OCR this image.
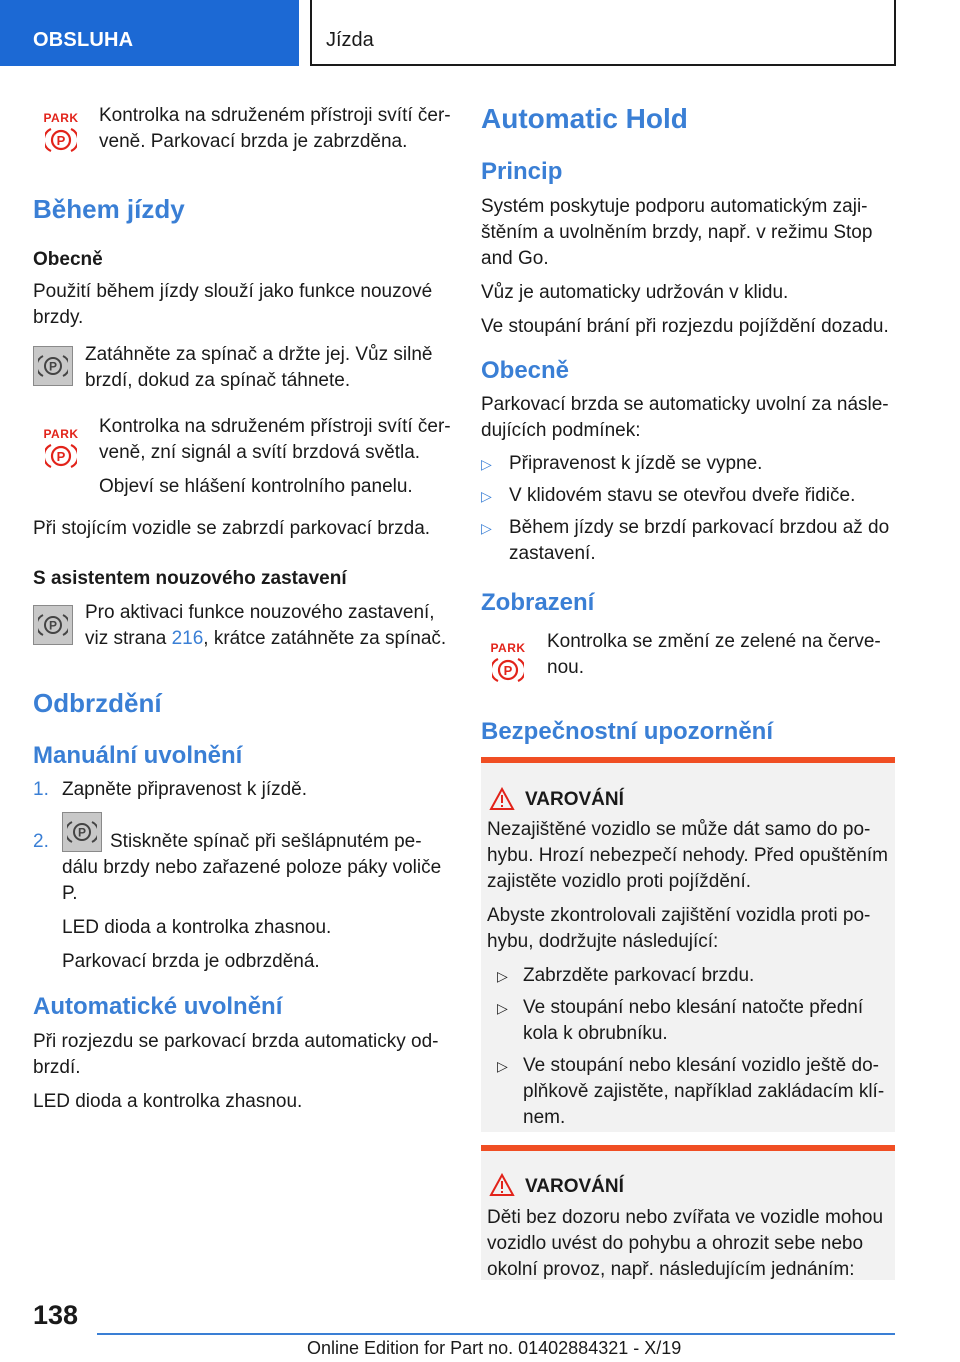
OBSLUHA	Jízda
PARK
P
Kontrolka na sdruženém přístroji svítí čer-
veně. Parkovací brzda je zabrzděna.
Během jízdy
Obecně
Použití během jízdy slouží jako funkce nouzové
brzdy.
P
Zatáhněte za spínač a držte jej. Vůz silně
brzdí, dokud za spínač táhnete.
PARK
P
Kontrolka na sdruženém přístroji svítí čer-
veně, zní signál a svítí brzdová světla.
Objeví se hlášení kontrolního panelu.
Při stojícím vozidle se zabrzdí parkovací brzda.
S asistentem nouzového zastavení
P
Pro aktivaci funkce nouzového zastavení,
viz strana 216, krátce zatáhněte za spínač.
Odbrzdění
Manuální uvolnění
1. Zapněte připravenost k jízdě.
2. P Stiskněte spínač při sešlápnutém pe-
dálu brzdy nebo zařazené poloze páky voliče
P.
LED dioda a kontrolka zhasnou.
Parkovací brzda je odbrzděná.
Automatické uvolnění
Při rozjezdu se parkovací brzda automaticky od-
brzdí.
LED dioda a kontrolka zhasnou.
Automatic Hold
Princip
Systém poskytuje podporu automatickým zaji-
štěním a uvolněním brzdy, např. v režimu Stop
and Go.
Vůz je automaticky udržován v klidu.
Ve stoupání brání při rozjezdu pojíždění dozadu.
Obecně
Parkovací brzda se automaticky uvolní za násle-
dujících podmínek:
▷ Připravenost k jízdě se vypne.
▷ V klidovém stavu se otevřou dveře řidiče.
▷ Během jízdy se brzdí parkovací brzdou až do
zastavení.
Zobrazení
PARK
P
Kontrolka se změní ze zelené na červe-
nou.
Bezpečnostní upozornění
VAROVÁNÍ
Nezajištěné vozidlo se může dát samo do po-
hybu. Hrozí nebezpečí nehody. Před opuštěním
zajistěte vozidlo proti pojíždění.
Abyste zkontrolovali zajištění vozidla proti po-
hybu, dodržujte následující:
▷ Zabrzděte parkovací brzdu.
▷ Ve stoupání nebo klesání natočte přední
kola k obrubníku.
▷ Ve stoupání nebo klesání vozidlo ještě do-
plňkově zajistěte, například zakládacím klí-
nem.
VAROVÁNÍ
Děti bez dozoru nebo zvířata ve vozidle mohou
vozidlo uvést do pohybu a ohrozit sebe nebo
okolní provoz, např. následujícím jednáním:
138
Online Edition for Part no. 01402884321 - X/19
